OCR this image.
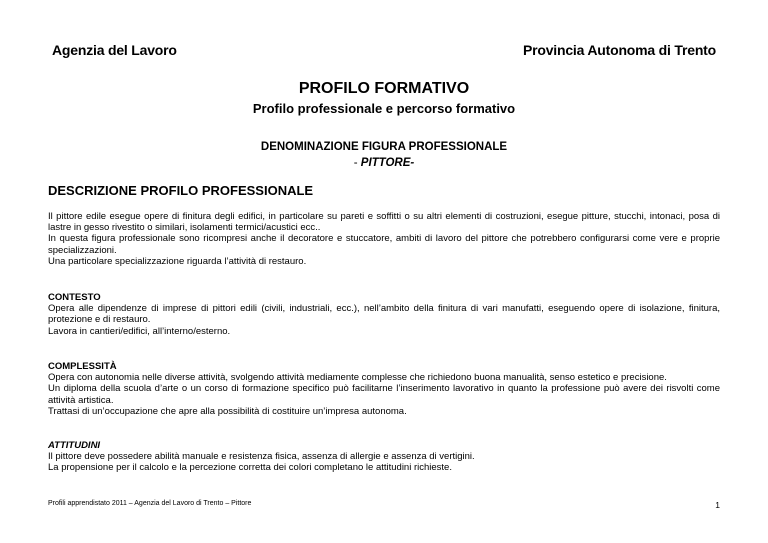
Agenzia del Lavoro	Provincia Autonoma di Trento
PROFILO FORMATIVO
Profilo professionale e percorso formativo
DENOMINAZIONE FIGURA PROFESSIONALE
- PITTORE-
DESCRIZIONE PROFILO PROFESSIONALE

Il pittore edile esegue opere di finitura degli edifici, in particolare su pareti e soffitti o su altri elementi di costruzioni, esegue pitture, stucchi, intonaci, posa di lastre in gesso rivestito o similari, isolamenti termici/acustici ecc..

In questa figura professionale sono ricompresi anche il decoratore e stuccatore, ambiti di lavoro del pittore che potrebbero configurarsi come vere e proprie specializzazioni.

Una particolare specializzazione riguarda l’attività di restauro.

CONTESTO

Opera alle dipendenze di imprese di pittori edili (civili, industriali, ecc.), nell’ambito della finitura di vari manufatti, eseguendo opere di isolazione, finitura, protezione e di restauro.

Lavora in cantieri/edifici, all’interno/esterno.

COMPLESSITÀ

Opera con autonomia nelle diverse attività, svolgendo attività mediamente complesse che richiedono buona manualità, senso estetico e precisione.

Un diploma della scuola d’arte o un corso di formazione specifico può facilitarne l’inserimento lavorativo in quanto la professione può avere dei risvolti come attività artistica.

Trattasi di un’occupazione che apre alla possibilità di costituire un’impresa autonoma.

ATTITUDINI

Il pittore deve possedere abilità manuale e resistenza fisica, assenza di allergie e assenza di vertigini.

La propensione per il calcolo e la percezione corretta dei colori completano le attitudini richieste.

Profili apprendistato 2011 – Agenzia del Lavoro di Trento – Pittore	1
